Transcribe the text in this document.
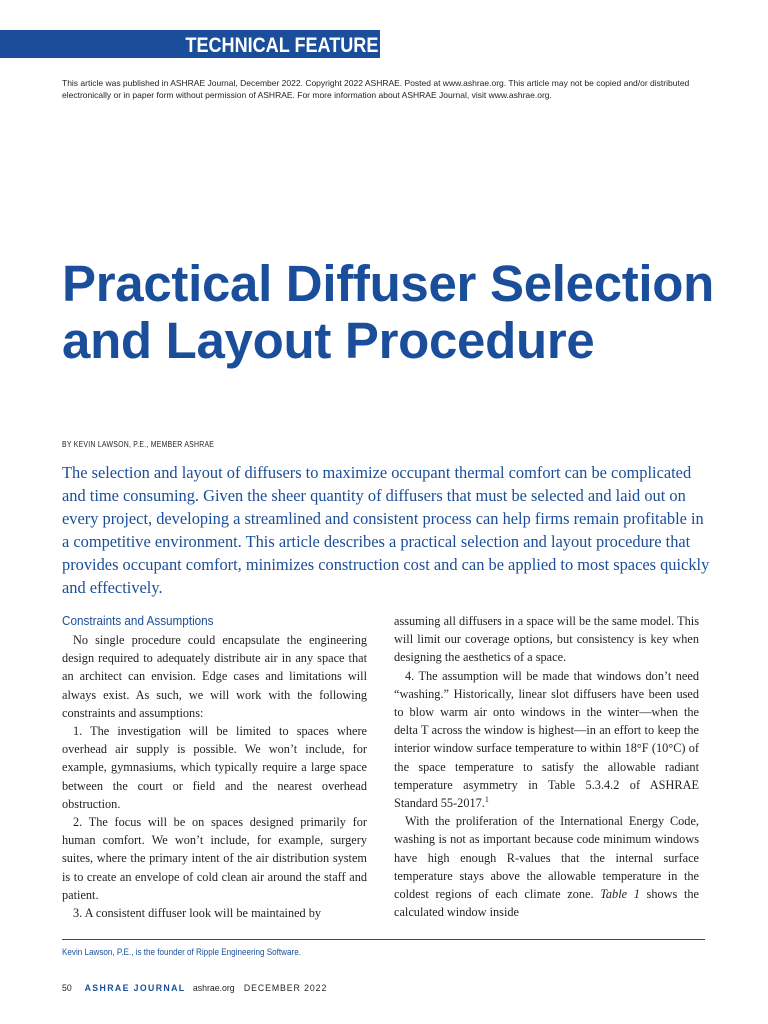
TECHNICAL FEATURE
This article was published in ASHRAE Journal, December 2022. Copyright 2022 ASHRAE. Posted at www.ashrae.org. This article may not be copied and/or distributed electronically or in paper form without permission of ASHRAE. For more information about ASHRAE Journal, visit www.ashrae.org.
Practical Diffuser Selection and Layout Procedure
BY KEVIN LAWSON, P.E., MEMBER ASHRAE

The selection and layout of diffusers to maximize occupant thermal comfort can be complicated and time consuming. Given the sheer quantity of diffusers that must be selected and laid out on every project, developing a streamlined and consistent process can help firms remain profitable in a competitive environment. This article describes a practical selection and layout procedure that provides occupant comfort, minimizes construction cost and can be applied to most spaces quickly and effectively.

Constraints and Assumptions

No single procedure could encapsulate the engineering design required to adequately distribute air in any space that an architect can envision. Edge cases and limitations will always exist. As such, we will work with the following constraints and assumptions:

1. The investigation will be limited to spaces where overhead air supply is possible. We won’t include, for example, gymnasiums, which typically require a large space between the court or field and the nearest overhead obstruction.

2. The focus will be on spaces designed primarily for human comfort. We won’t include, for example, surgery suites, where the primary intent of the air distribution system is to create an envelope of cold clean air around the staff and patient.

3. A consistent diffuser look will be maintained by

assuming all diffusers in a space will be the same model. This will limit our coverage options, but consistency is key when designing the aesthetics of a space.

4. The assumption will be made that windows don’t need “washing.” Historically, linear slot diffusers have been used to blow warm air onto windows in the winter—when the delta T across the window is highest—in an effort to keep the interior window surface temperature to within 18°F (10°C) of the space temperature to satisfy the allowable radiant temperature asymmetry in Table 5.3.4.2 of ASHRAE Standard 55-2017.$^1$

With the proliferation of the International Energy Code, washing is not as important because code minimum windows have high enough R-values that the internal surface temperature stays above the allowable temperature in the coldest regions of each climate zone. Table 1 shows the calculated window inside

Kevin Lawson, P.E., is the founder of Ripple Engineering Software.
50 ASHRAE JOURNAL ashrae.org DECEMBER 2022
